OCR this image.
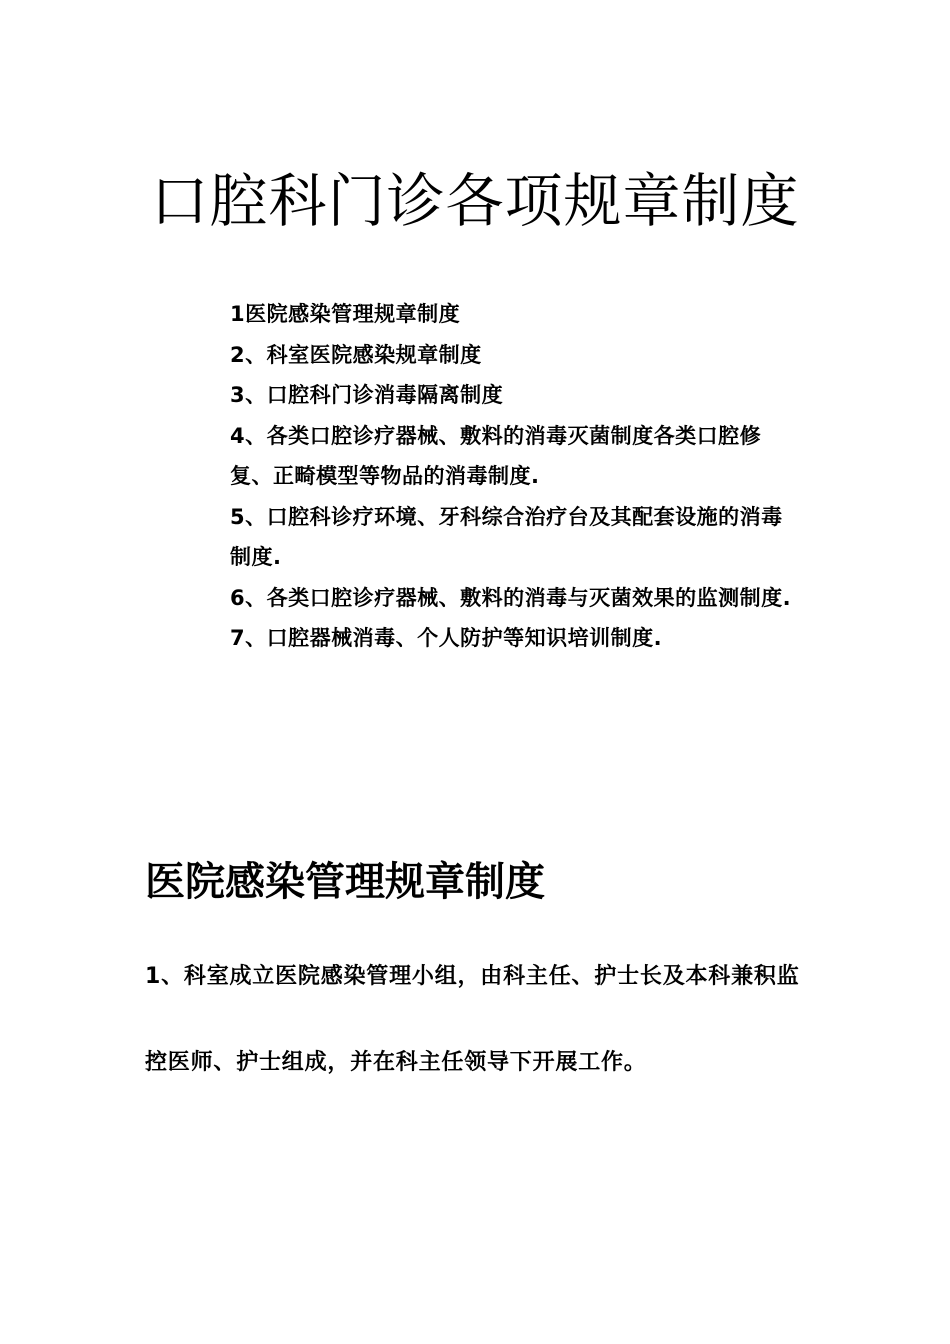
口腔科门诊各项规章制度
1医院感染管理规章制度
2、科室医院感染规章制度
3、口腔科门诊消毒隔离制度
4、各类口腔诊疗器械、敷料的消毒灭菌制度各类口腔修复、正畸模型等物品的消毒制度.
5、口腔科诊疗环境、牙科综合治疗台及其配套设施的消毒制度.
6、各类口腔诊疗器械、敷料的消毒与灭菌效果的监测制度.
7、口腔器械消毒、个人防护等知识培训制度.
医院感染管理规章制度

1、科室成立医院感染管理小组，由科主任、护士长及本科兼积监控医师、护士组成，并在科主任领导下开展工作。
